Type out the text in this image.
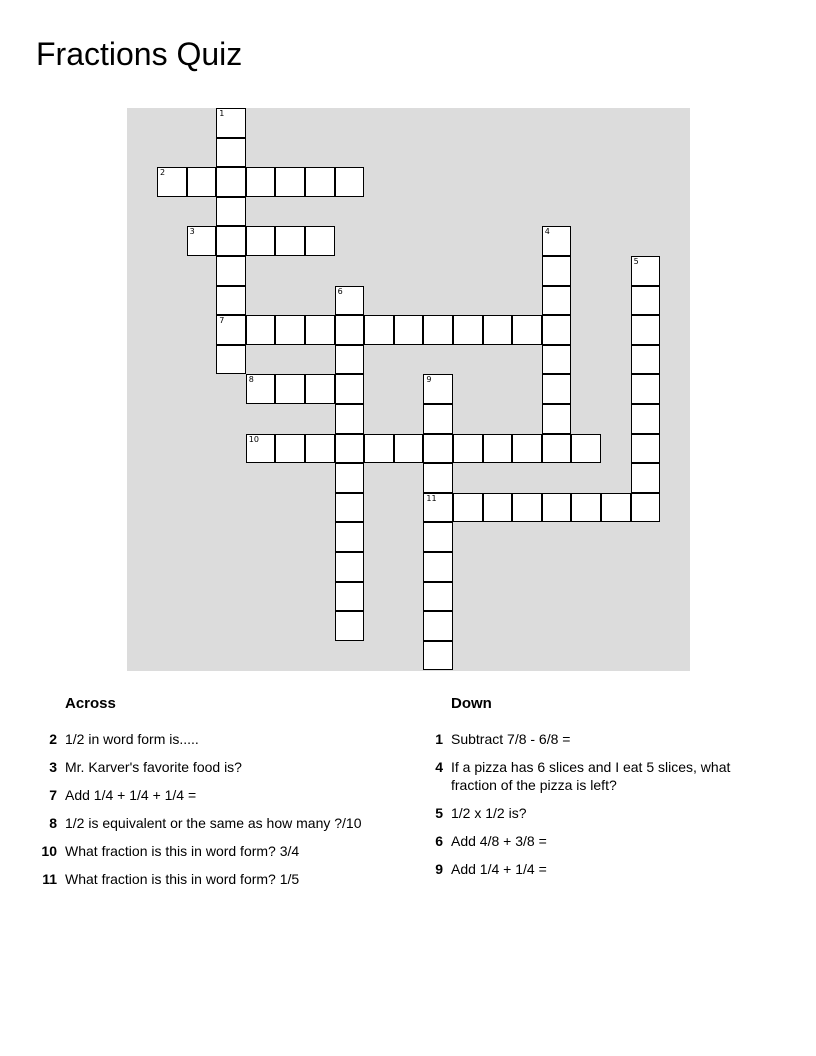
Fractions Quiz
1
2
3	4
5
6
7
8	9
10
11
Across
2 1/2 in word form is.....
3 Mr. Karver's favorite food is?
7 Add 1/4 + 1/4 + 1/4 =
8 1/2 is equivalent or the same as how many ?/10
10 What fraction is this in word form? 3/4
11 What fraction is this in word form? 1/5
Down
1 Subtract 7/8 - 6/8 =
4 If a pizza has 6 slices and I eat 5 slices, what fraction of the pizza is left?
5 1/2 x 1/2 is?
6 Add 4/8 + 3/8 =
9 Add 1/4 + 1/4 =
